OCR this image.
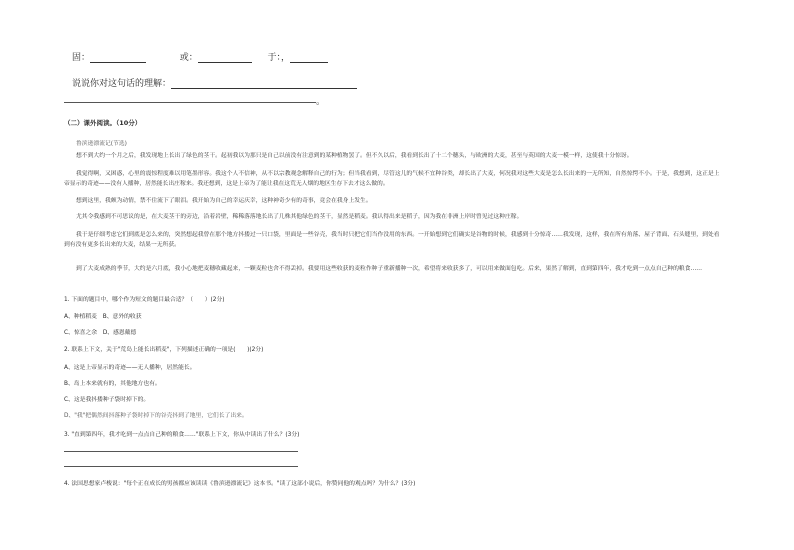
固：	或：	于：，
说说你对这句话的理解：
。
（二）课外阅读。（10分）
鲁滨逊漂流记(节选)
想不到大约一个月之后，我发现地上长出了绿色的茎干。起初我以为那只是自己以前没有注意到的某种植物罢了。但不久以后，我看到长出了十二个穗头，与欧洲的大麦，甚至与英国的大麦一模一样，这使我十分惊讶。
我觉得啊，又困惑，心里的震惊程度难以用笔墨形容。我这个人不信神，从不以宗教观念解释自己的行为；但当我看到，尽管这儿的气候不宜种谷类，却长出了大麦，何况我对这些大麦是怎么长出来的一无所知，自然惊愕不小。于是，我想到，这正是上帝显示的奇迹——没有人播种，居然能长出庄稼来。我还想到，这是上帝为了能让我在这荒无人烟的地区生存下去才这么做的。
想到这里，我颇为动情，禁不住流下了眼泪。我开始为自己的幸运庆幸，这种神奇少有的奇事，竟会在我身上发生。
尤其令我感到不可思议的是，在大麦茎干的旁边，沿着岩壁，稀稀落落地长出了几株其他绿色的茎干，显然是稻麦。我认得出来是稻子，因为我在非洲上岸时曾见过这种庄稼。
我于是仔细考虑它们到底是怎么来的，突然想起我曾在那个地方抖搂过一只口袋，里面是一些谷壳，我当时只把它们当作没用的东西。一开始想到它们确实是谷物的时候，我感到十分惊奇……我发现，这样，我在所有角落、屋子背面、石头缝里，到处看到有没有更多长出来的大麦，结果一无所获。
到了大麦成熟的季节，大约是六月底，我小心地把麦穗收藏起来，一颗麦粒也舍不得丢掉。我要用这些收获的麦粒作种子重新播种一次，希望将来收获多了，可以用来做面包吃。后来，果然了解到，直到第四年，我才吃到一点点自己种的粮食……
1. 下面的题目中，哪个作为短文的题目最合适？（　　）(2分)
A、种植稻麦　B、意外的收获
C、惊喜之余　D、感恩戴德
2. 联系上下文，关于"荒岛上能长出稻麦"，下列描述正确的一项是(　　)(2分)
A、这是上帝显示的奇迹——无人播种，居然能长。
B、岛上本来就有的，其他地方也有。
C、这是我抖搂种子袋时掉下的。
D、"我"把偶然间抖落种子袋时掉下的谷壳抖到了地里，它们长了出来。
3. "直到第四年，我才吃到一点点自己种的粮食……"联系上下文，你从中读出了什么？(3分)
4. 法国思想家卢梭说："每个正在成长的男孩都应该读读《鲁滨逊漂流记》这本书。"读了这部小说后，你赞同他的观点吗？为什么？(3分)
